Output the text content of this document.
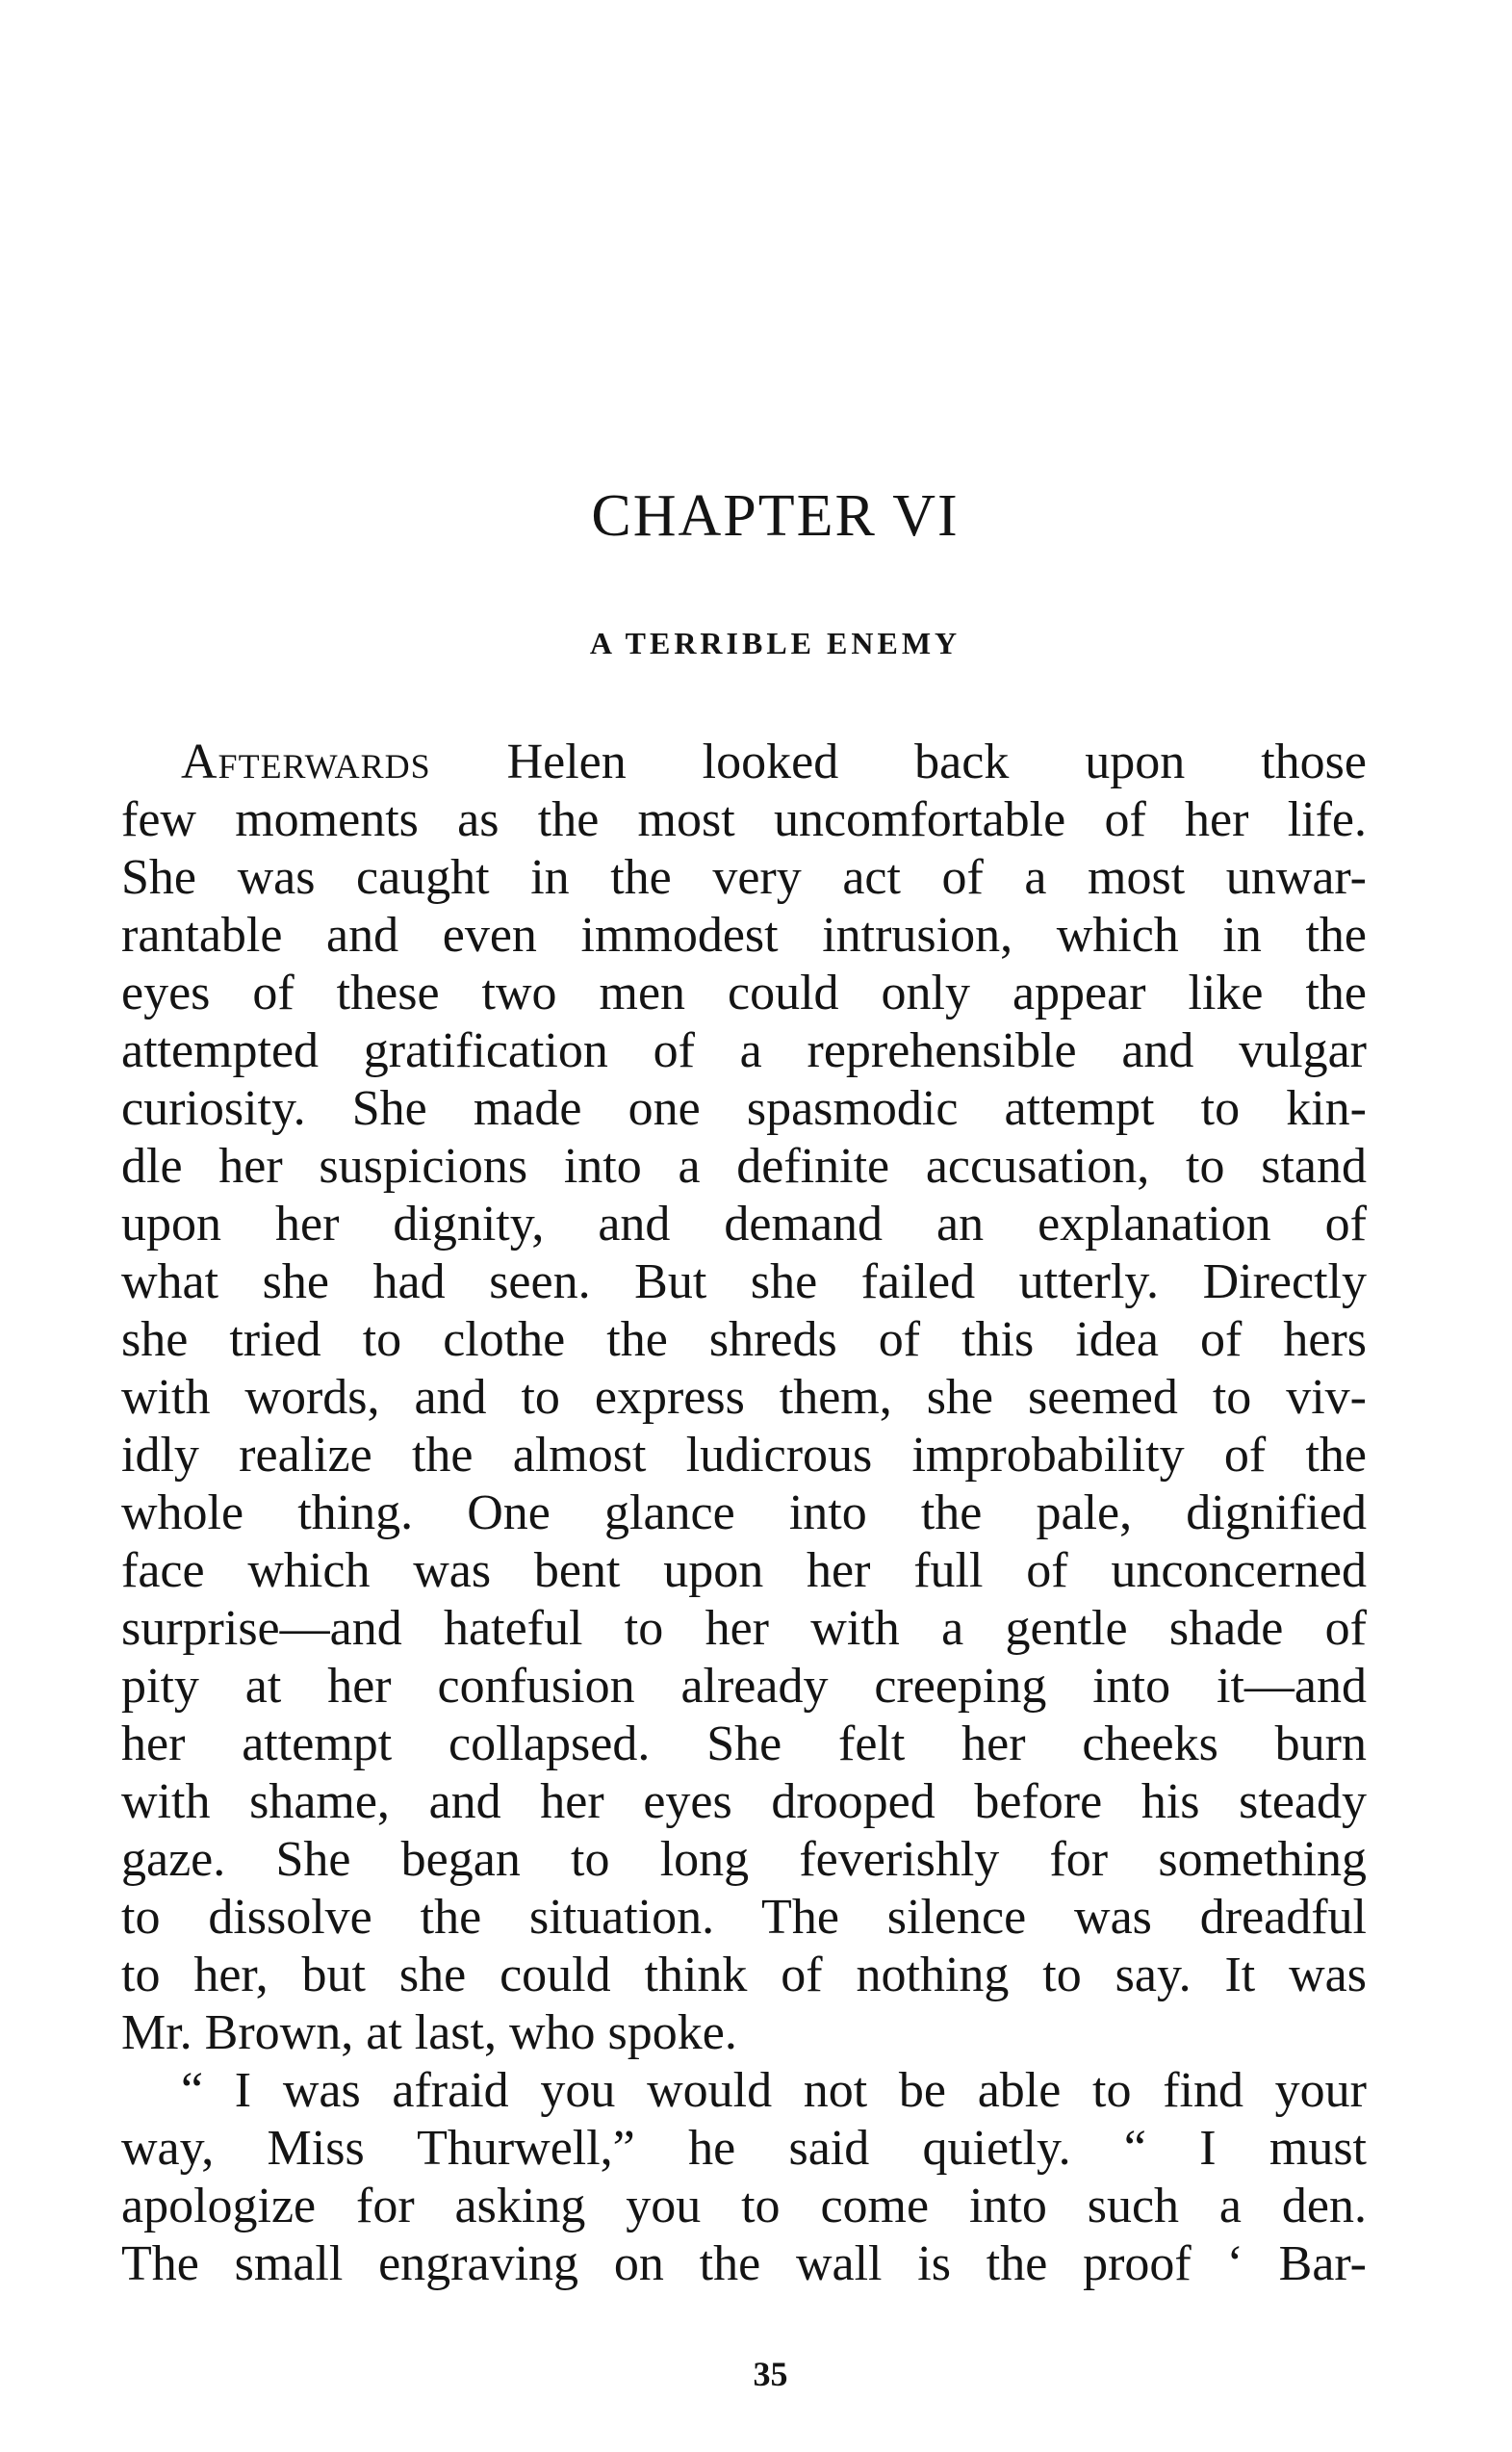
CHAPTER VI
A TERRIBLE ENEMY
Afterwards Helen looked back upon those
few moments as the most uncomfortable of her life.
She was caught in the very act of a most unwar-
rantable and even immodest intrusion, which in the
eyes of these two men could only appear like the
attempted gratification of a reprehensible and vulgar
curiosity. She made one spasmodic attempt to kin-
dle her suspicions into a definite accusation, to stand
upon her dignity, and demand an explanation of
what she had seen. But she failed utterly. Directly
she tried to clothe the shreds of this idea of hers
with words, and to express them, she seemed to viv-
idly realize the almost ludicrous improbability of the
whole thing. One glance into the pale, dignified
face which was bent upon her full of unconcerned
surprise—and hateful to her with a gentle shade of
pity at her confusion already creeping into it—and
her attempt collapsed. She felt her cheeks burn
with shame, and her eyes drooped before his steady
gaze. She began to long feverishly for something
to dissolve the situation. The silence was dreadful
to her, but she could think of nothing to say. It was
Mr. Brown, at last, who spoke.
“ I was afraid you would not be able to find your
way, Miss Thurwell,” he said quietly. “ I must
apologize for asking you to come into such a den.
The small engraving on the wall is the proof ‘ Bar-
35
